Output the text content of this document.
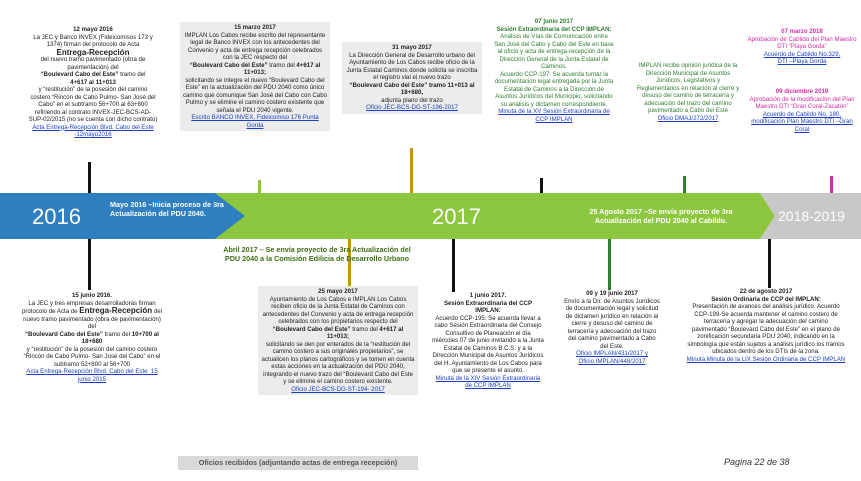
2016	2017	2018-2019
Mayo 2016 –Inicia proceso de 3ra Actualización del PDU 2040.	25 Agosto 2017 –Se envía proyecto de 3ra Actualización del PDU 2040 al Cabildo.
Abril 2017 – Se envía proyecto de 3ra Actualización del PDU 2040 a la Comisión Edilicia de Desarrollo Urbano

12 mayo 2016

La JEC y Banco INVEX (Fideicomisos 173 y 1374) firman del protocolo de Acta

Entrega-Recepción

del nuevo tramo pavimentado (obra de pavimentación) del

“Boulevard Cabo del Este” tramo del

4+617 al 11+013

y “restitución” de la posesión del camino costero “Rincón de Cabo Pulmo- San José del Cabo” en el subtramo 56+700 al 63+800 refiriendo al contrato INVEX-JEC-BCS-AD-SUP-02/2015 (no se cuenta con dicho contrato)

Acta Entrega-Recepción Blvd. Cabo del Este -12mayo2016

15 marzo 2017

IMPLAN Los Cabos recibe escrito del representante legal de Banco INVEX con los antecedentes del Convenio y acta de entrega recepción celebrados con la JEC respecto del

“Boulevard Cabo del Este” tramo del 4+617 al 11+013;

solicitando se integre el nuevo “Boulevard Cabo del Este” en la actualización del PDU 2040 como único camino que comunique San José del Cabo con Cabo Pulmo y se elimine el camino costero existente que señala el PDU 2040 vigente.

Escrito BANCO INVEX, Fideicomiso 176 Punta Gorda

31 mayo 2017

La Dirección General de Desarrollo urbano del Ayuntamiento de Los Cabos recibe oficio de la Junta Estatal Caminos donde solicita se inscriba el registro vial el nuevo trazo

“Boulevard Cabo del Este” tramo 11+013 al 18+680,

adjunta plano del trazo

Oficio JEC-BCS-DG-ST-196-2017

07 junio 2017

Sesión Extraordinaria del CCP IMPLAN:

Análisis de Vías de Comunicación entre San José del Cabo y Cabo del Este en base al oficio y acta de entrega-recepción de la Dirección General de la Junta Estatal de Caminos.

Acuerdo CCP-197: Se acuerda turnar la documentación legal entregada por la Junta Estatal de Caminos a la Dirección de Asuntos Jurídicos del Municipio, solicitando su análisis y dictamen correspondiente.

Minuta de la XV Sesión Extraordinaria de CCP IMPLAN

IMPLAN recibe opinión jurídica de la Dirección Municipal de Asuntos Jurídicos, Legislativos y Reglamentarios en relación al cierre y desuso del camino de terracería y adecuación del trazo del camino pavimentado a Cabo del Este

Oficio DMAJ/272/2017

07 marzo 2018

Aprobación de Cabildo del Plan Maestro DTI “Playa Gorda”

Acuerdo de Cabildo No.329,

DTI –Playa Gorda

09 diciembre 2019

Aprobación de la modificación del Plan Maestro DTI “Gran Coral-Zacatón”

Acuerdo de Cabildo No. 180,

modificación Plan Maestro DTI –Gran Coral

15 junio 2016.

La JEC y tres empresas desarrolladoras firman protocolo de Acta de Entrega-Recepción del nuevo tramo pavimentado (obra de pavimentación) del

“Boulevard Cabo del Este” tramo del 10+700 al 18+680

y “restitución” de la posesión del camino costero “Rincón de Cabo Pulmo- San José del Cabo” en el subtramo 52+800 al 56+700

Acta Entrega-Recepción Blvd. Cabo del Este_15 junio 2015

25 mayo 2017

Ayuntamiento de Los Cabos e IMPLAN Los Cabos reciben oficio de la Junta Estatal de Caminos con antecedentes del Convenio y acta de entrega recepción celebrados con los propietarios respecto del

“Boulevard Cabo del Este” tramo del 4+617 al 11+013;

solicitando se den por enterados de la “restitución del camino costero a sus originales propietarios”, se actualicen los planos cartográficos y se tomen en cuenta estas acciones en la actualización del PDU 2040, integrando el nuevo trazo del “Boulevard Cabo del Este y se elimine el camino costero existente.

Oficio JEC-BCS-DG-ST-194- 2017

1 junio 2017.

Sesión Extraordinaria del CCP IMPLAN:

Acuerdo CCP-195: Se acuerda llevar a cabo Sesión Extraordinaria del Consejo Consultivo de Planeación el día miércoles 07 de junio invitando a la Junta Estatal de Caminos B.C.S. y a la Dirección Municipal de Asuntos Jurídicos del H. Ayuntamiento de Los Cabos para que se presente el asunto.

Minuta de la XIV Sesión Extraordinaria de CCP IMPLAN

09 y 19 junio 2017

Envío a la Dir. de Asuntos Jurídicos de documentación legal y solicitud de dictamen jurídico en relación al cierre y desuso del camino de terracería y adecuación del trazo del camino pavimentado a Cabo del Este.

Oficio IMPLAN/431/2017 y

Oficio IMPLAN/448/2017

22 de agosto 2017

Sesión Ordinaria de CCP del IMPLAN:

Presentación de avances del análisis jurídico. Acuerdo CCP-199-Se acuerda mantener el camino costero de terracería y agregar la adecuación del camino pavimentado “Boulevard Cabo del Este” en el plano de zonificación secundaria PDU 2040, indicando en la simbología que están sujetos a análisis jurídico los tramos ubicados dentro de los DTIs de la zona.

Minuta Minuta de la LIX Sesión Ordinaria de CCP IMPLAN

Oficios recibidos (adjuntando actas de entrega recepción)	Pagina 22 de 38
